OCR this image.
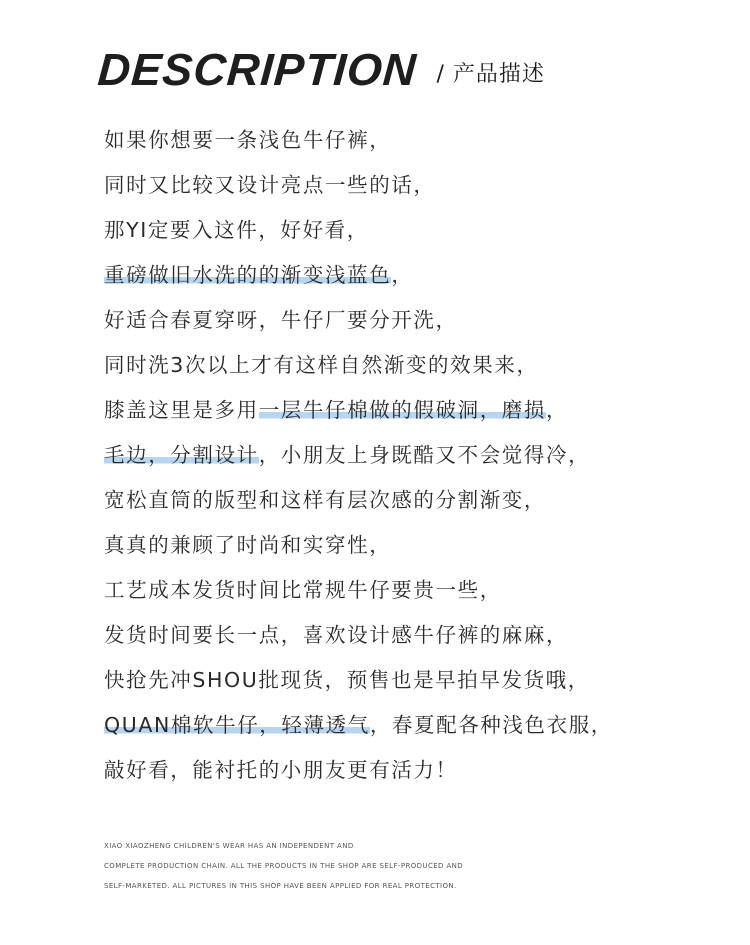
DESCRIPTION / 产品描述
如果你想要一条浅色牛仔裤，
同时又比较又设计亮点一些的话，
那YI定要入这件，好好看，
重磅做旧水洗的的渐变浅蓝色，
好适合春夏穿呀，牛仔厂要分开洗，
同时洗3次以上才有这样自然渐变的效果来，
膝盖这里是多用一层牛仔棉做的假破洞，磨损，
毛边，分割设计，小朋友上身既酷又不会觉得冷，
宽松直筒的版型和这样有层次感的分割渐变，
真真的兼顾了时尚和实穿性，
工艺成本发货时间比常规牛仔要贵一些，
发货时间要长一点，喜欢设计感牛仔裤的麻麻，
快抢先冲SHOU批现货，预售也是早拍早发货哦，
QUAN棉软牛仔，轻薄透气，春夏配各种浅色衣服，
敲好看，能衬托的小朋友更有活力！
XIAO XIAOZHENG CHILDREN'S WEAR HAS AN INDEPENDENT AND
COMPLETE PRODUCTION CHAIN. ALL THE PRODUCTS IN THE SHOP ARE SELF-PRODUCED AND
SELF-MARKETED. ALL PICTURES IN THIS SHOP HAVE BEEN APPLIED FOR REAL PROTECTION.
